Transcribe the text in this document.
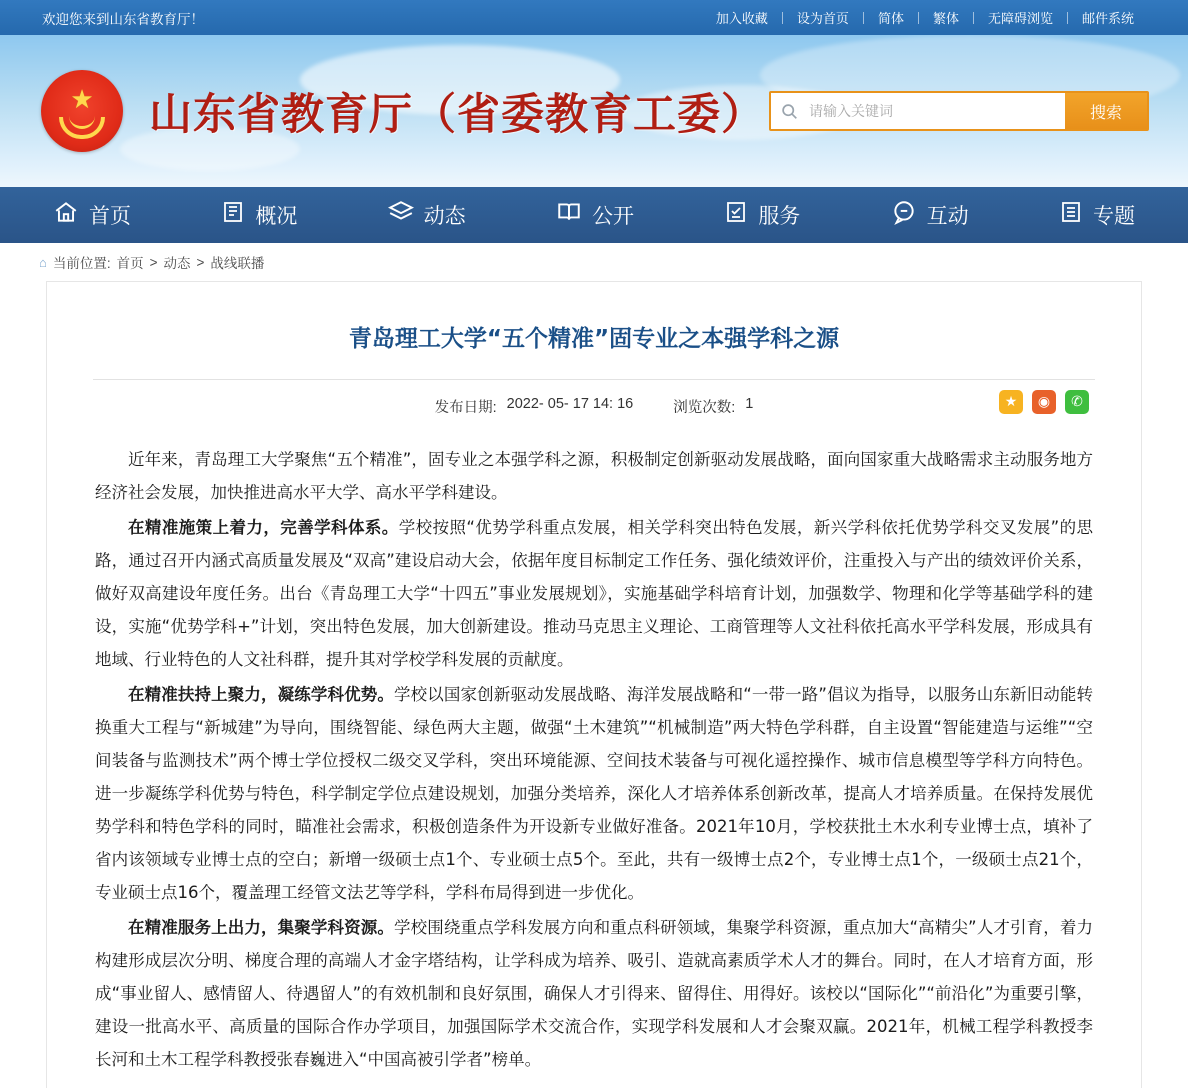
欢迎您来到山东省教育厅！	加入收藏	设为首页	简体	繁体	无障碍浏览	邮件系统
★ 山东省教育厅（省委教育工委）
请输入关键词	搜索
首页	概况	动态	公开	服务	互动	专题
⌂ 当前位置: 首页 > 动态 > 战线联播
青岛理工大学“五个精准”固专业之本强学科之源
发布日期: 2022- 05- 17 14: 16	浏览次数: 1	★	◉	✆

近年来，青岛理工大学聚焦“五个精准”，固专业之本强学科之源，积极制定创新驱动发展战略，面向国家重大战略需求主动服务地方经济社会发展，加快推进高水平大学、高水平学科建设。

在精准施策上着力，完善学科体系。学校按照“优势学科重点发展，相关学科突出特色发展，新兴学科依托优势学科交叉发展”的思路，通过召开内涵式高质量发展及“双高”建设启动大会，依据年度目标制定工作任务、强化绩效评价，注重投入与产出的绩效评价关系，做好双高建设年度任务。出台《青岛理工大学“十四五”事业发展规划》，实施基础学科培育计划，加强数学、物理和化学等基础学科的建设，实施“优势学科+”计划，突出特色发展，加大创新建设。推动马克思主义理论、工商管理等人文社科依托高水平学科发展，形成具有地域、行业特色的人文社科群，提升其对学校学科发展的贡献度。

在精准扶持上聚力，凝练学科优势。学校以国家创新驱动发展战略、海洋发展战略和“一带一路”倡议为指导，以服务山东新旧动能转换重大工程与“新城建”为导向，围绕智能、绿色两大主题，做强“土木建筑”“机械制造”两大特色学科群，自主设置“智能建造与运维”“空间装备与监测技术”两个博士学位授权二级交叉学科，突出环境能源、空间技术装备与可视化遥控操作、城市信息模型等学科方向特色。进一步凝练学科优势与特色，科学制定学位点建设规划，加强分类培养，深化人才培养体系创新改革，提高人才培养质量。在保持发展优势学科和特色学科的同时，瞄准社会需求，积极创造条件为开设新专业做好准备。2021年10月，学校获批土木水利专业博士点，填补了省内该领域专业博士点的空白；新增一级硕士点1个、专业硕士点5个。至此，共有一级博士点2个，专业博士点1个，一级硕士点21个，专业硕士点16个，覆盖理工经管文法艺等学科，学科布局得到进一步优化。

在精准服务上出力，集聚学科资源。学校围绕重点学科发展方向和重点科研领域，集聚学科资源，重点加大“高精尖”人才引育，着力构建形成层次分明、梯度合理的高端人才金字塔结构，让学科成为培养、吸引、造就高素质学术人才的舞台。同时，在人才培育方面，形成“事业留人、感情留人、待遇留人”的有效机制和良好氛围，确保人才引得来、留得住、用得好。该校以“国际化”“前沿化”为重要引擎，建设一批高水平、高质量的国际合作办学项目，加强国际学术交流合作，实现学科发展和人才会聚双赢。2021年，机械工程学科教授李长河和土木工程学科教授张春巍进入“中国高被引学者”榜单。
